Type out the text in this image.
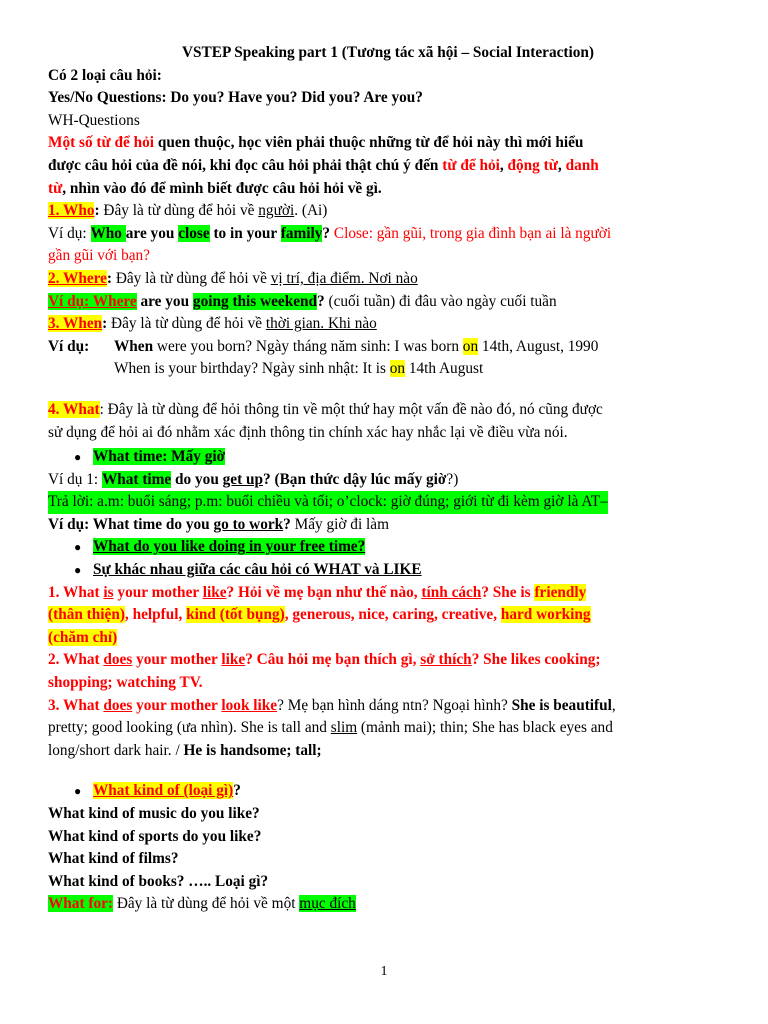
VSTEP Speaking part 1 (Tương tác xã hội – Social Interaction)
Có 2 loại câu hỏi:
Yes/No Questions: Do you? Have you? Did you? Are you?
WH-Questions
Một số từ để hỏi quen thuộc, học viên phải thuộc những từ để hỏi này thì mới hiểu
được câu hỏi của đề nói, khi đọc câu hỏi phải thật chú ý đến từ để hỏi, động từ, danh
từ, nhìn vào đó để mình biết được câu hỏi hỏi về gì.
1. Who: Đây là từ dùng để hỏi về người. (Ai)
Ví dụ: Who are you close to in your family? Close: gần gũi, trong gia đình bạn ai là người
gần gũi với bạn?
2. Where: Đây là từ dùng để hỏi về vị trí, địa điểm. Nơi nào
Ví dụ: Where are you going this weekend? (cuối tuần) đi đâu vào ngày cuối tuần
3. When: Đây là từ dùng để hỏi về thời gian. Khi nào
Ví dụ: When were you born? Ngày tháng năm sinh: I was born on 14th, August, 1990
When is your birthday? Ngày sinh nhật: It is on 14th August
4. What: Đây là từ dùng để hỏi thông tin về một thứ hay một vấn đề nào đó, nó cũng được
sử dụng để hỏi ai đó nhằm xác định thông tin chính xác hay nhắc lại về điều vừa nói.
● What time: Mấy giờ
Ví dụ 1: What time do you get up? (Bạn thức dậy lúc mấy giờ?)
Trả lời: a.m: buổi sáng; p.m: buổi chiều và tối; o’clock: giờ đúng; giới từ đi kèm giờ là AT–
Ví dụ: What time do you go to work? Mấy giờ đi làm
● What do you like doing in your free time?
● Sự khác nhau giữa các câu hỏi có WHAT và LIKE
1. What is your mother like? Hỏi về mẹ bạn như thế nào, tính cách? She is friendly
(thân thiện), helpful, kind (tốt bụng), generous, nice, caring, creative, hard working
(chăm chỉ)
2. What does your mother like? Câu hỏi mẹ bạn thích gì, sở thích? She likes cooking;
shopping; watching TV.
3. What does your mother look like? Mẹ bạn hình dáng ntn? Ngoại hình? She is beautiful,
pretty; good looking (ưa nhìn). She is tall and slim (mảnh mai); thin; She has black eyes and
long/short dark hair. / He is handsome; tall;
● What kind of (loại gì)?
What kind of music do you like?
What kind of sports do you like?
What kind of films?
What kind of books? ….. Loại gì?
What for: Đây là từ dùng để hỏi về một mục đích
1
